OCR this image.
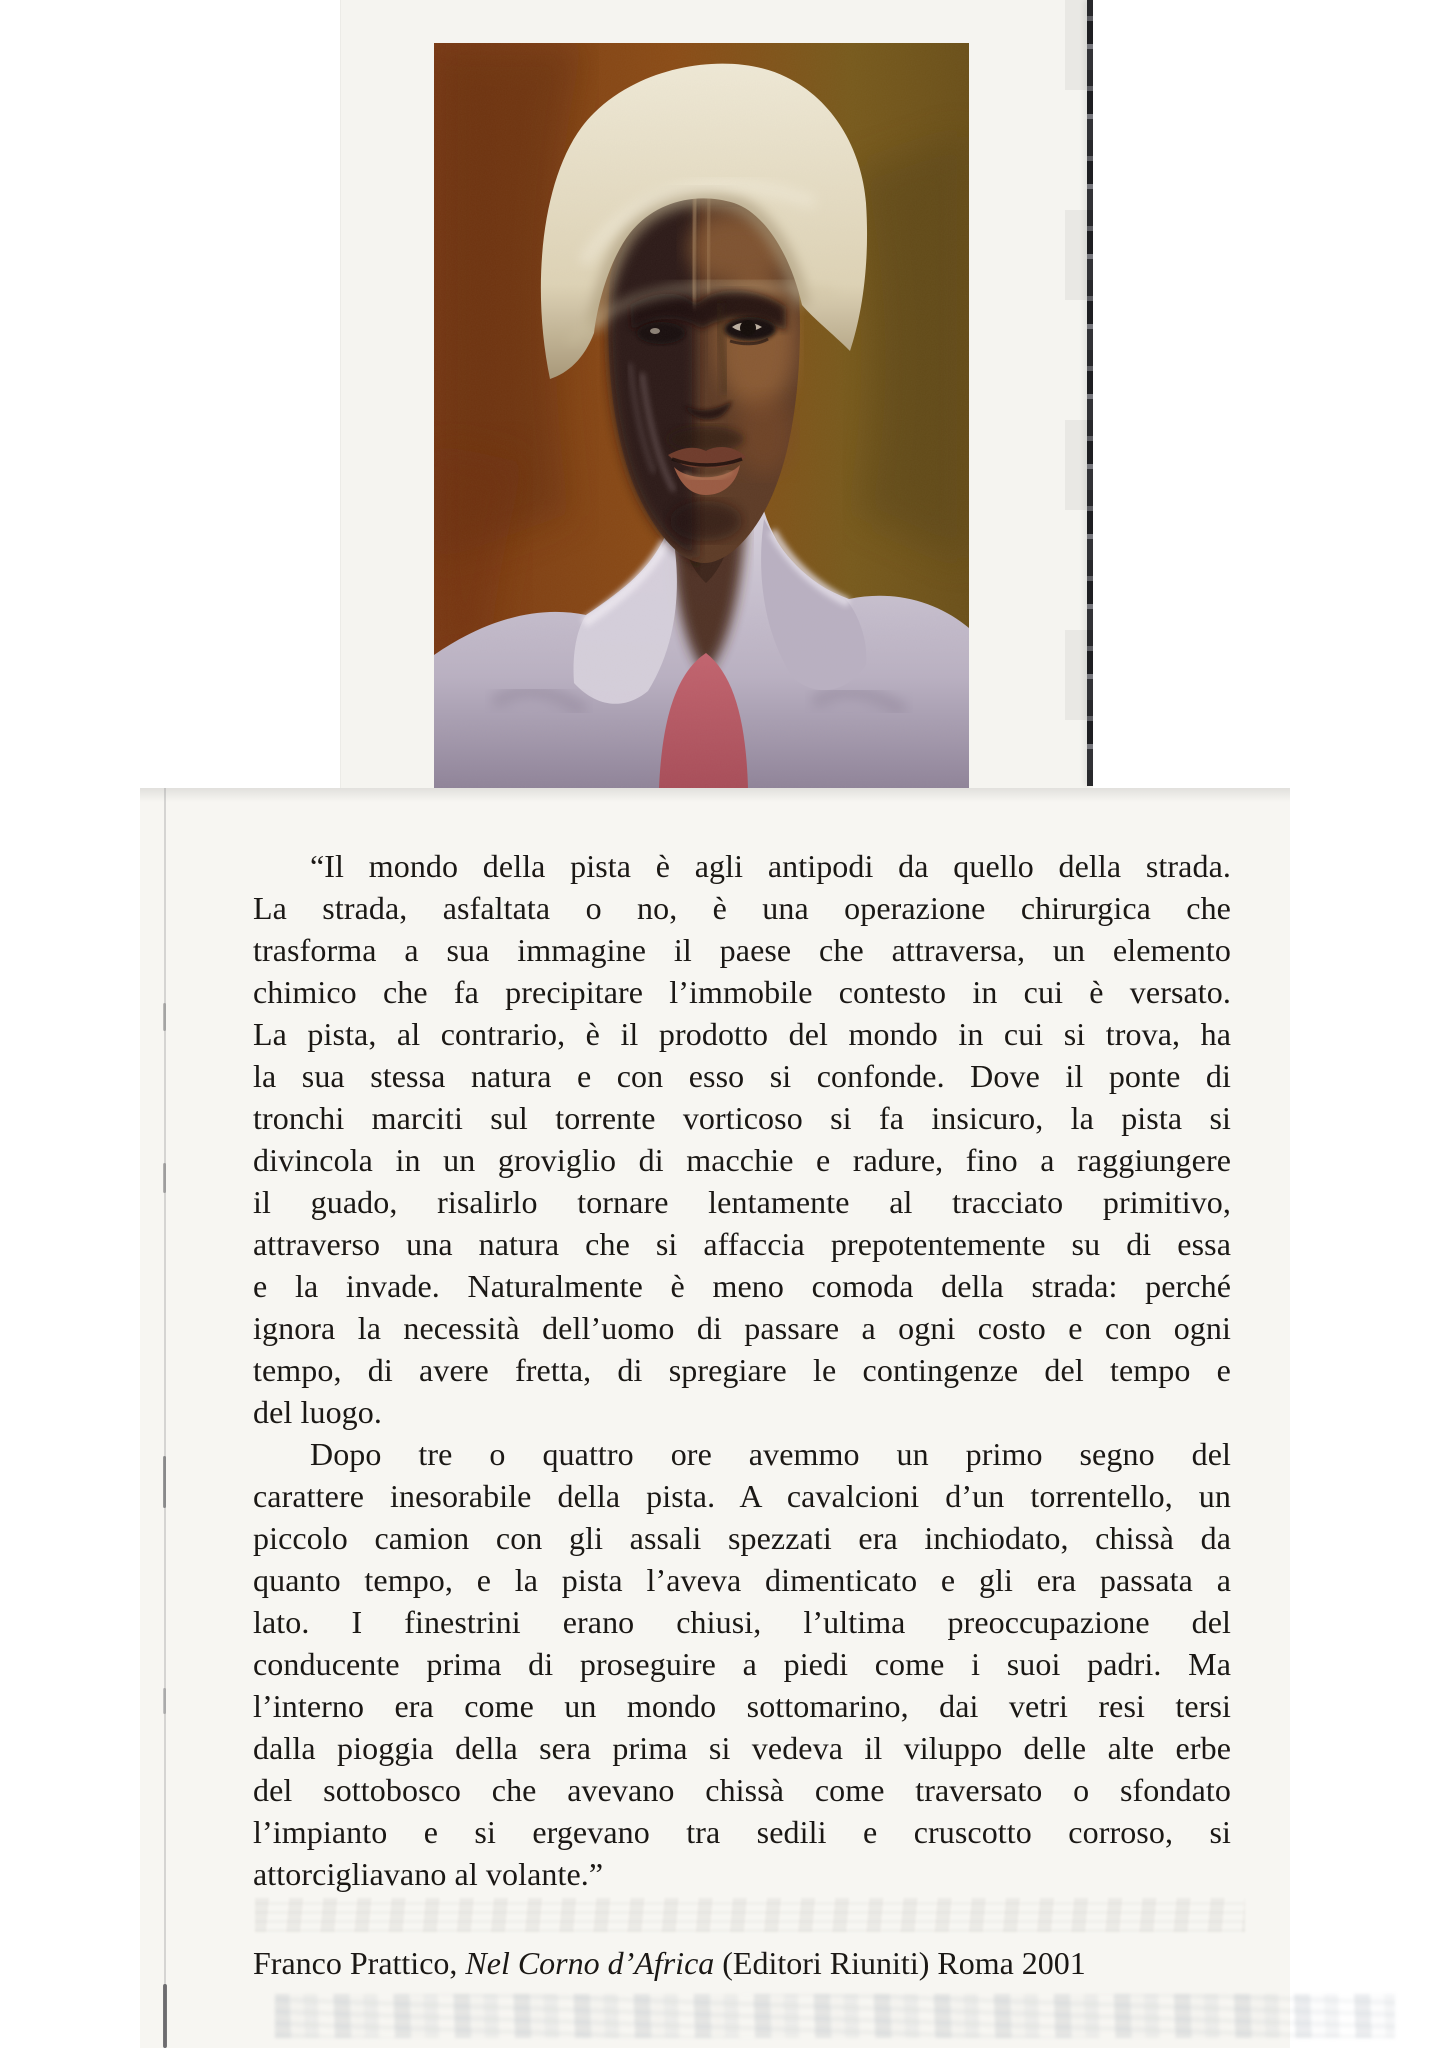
“Il mondo della pista è agli antipodi da quello della strada.

La strada, asfaltata o no, è una operazione chirurgica che

trasforma a sua immagine il paese che attraversa, un elemento

chimico che fa precipitare l’immobile contesto in cui è versato.

La pista, al contrario, è il prodotto del mondo in cui si trova, ha

la sua stessa natura e con esso si confonde. Dove il ponte di

tronchi marciti sul torrente vorticoso si fa insicuro, la pista si

divincola in un groviglio di macchie e radure, fino a raggiungere

il guado, risalirlo tornare lentamente al tracciato primitivo,

attraverso una natura che si affaccia prepotentemente su di essa

e la invade. Naturalmente è meno comoda della strada: perché

ignora la necessità dell’uomo di passare a ogni costo e con ogni

tempo, di avere fretta, di spregiare le contingenze del tempo e

del luogo.

Dopo tre o quattro ore avemmo un primo segno del

carattere inesorabile della pista. A cavalcioni d’un torrentello, un

piccolo camion con gli assali spezzati era inchiodato, chissà da

quanto tempo, e la pista l’aveva dimenticato e gli era passata a

lato. I finestrini erano chiusi, l’ultima preoccupazione del

conducente prima di proseguire a piedi come i suoi padri. Ma

l’interno era come un mondo sottomarino, dai vetri resi tersi

dalla pioggia della sera prima si vedeva il viluppo delle alte erbe

del sottobosco che avevano chissà come traversato o sfondato

l’impianto e si ergevano tra sedili e cruscotto corroso, si

attorcigliavano al volante.”

Franco Prattico, Nel Corno d’Africa (Editori Riuniti) Roma 2001
